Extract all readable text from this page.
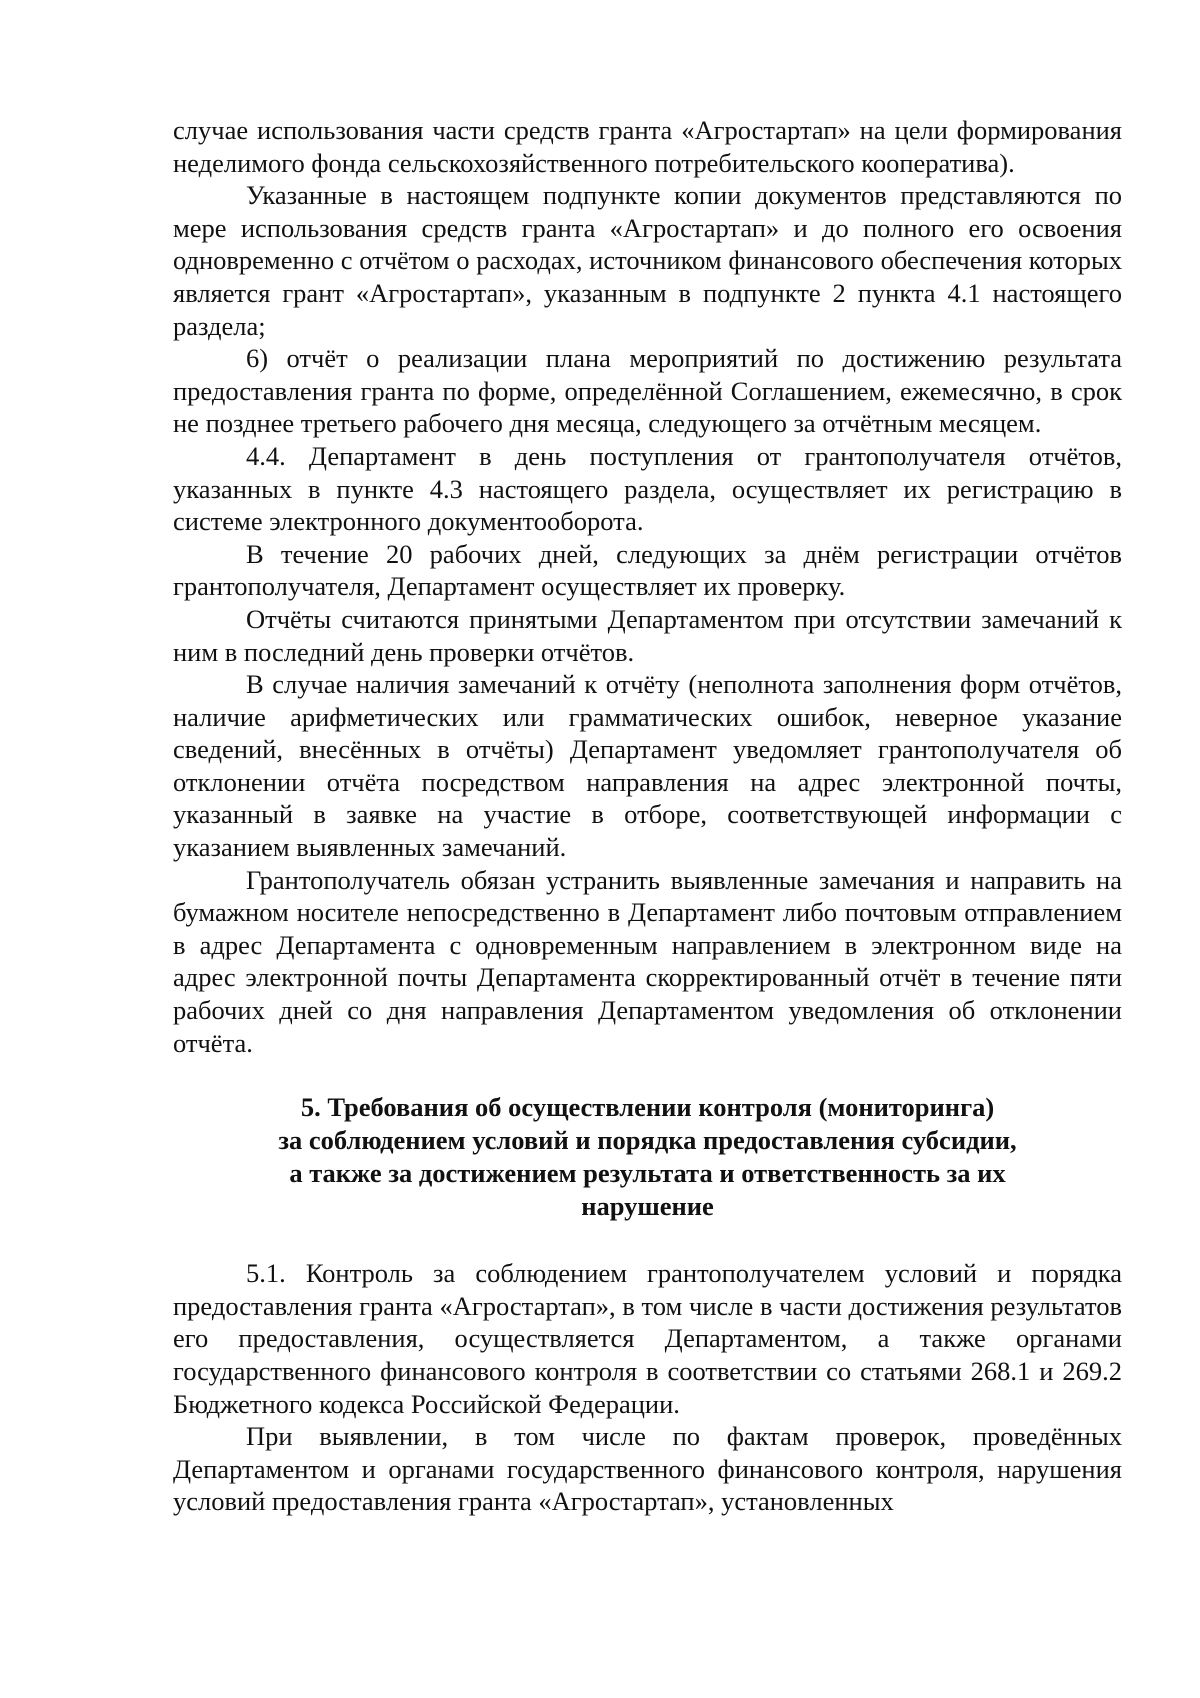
случае использования части средств гранта «Агростартап» на цели формирования неделимого фонда сельскохозяйственного потребительского кооператива).

Указанные в настоящем подпункте копии документов представляются по мере использования средств гранта «Агростартап» и до полного его освоения одновременно с отчётом о расходах, источником финансового обеспечения которых является грант «Агростартап», указанным в подпункте 2 пункта 4.1 настоящего раздела;

6) отчёт о реализации плана мероприятий по достижению результата предоставления гранта по форме, определённой Соглашением, ежемесячно, в срок не позднее третьего рабочего дня месяца, следующего за отчётным месяцем.

4.4. Департамент в день поступления от грантополучателя отчётов, указанных в пункте 4.3 настоящего раздела, осуществляет их регистрацию в системе электронного документооборота.

В течение 20 рабочих дней, следующих за днём регистрации отчётов грантополучателя, Департамент осуществляет их проверку.

Отчёты считаются принятыми Департаментом при отсутствии замечаний к ним в последний день проверки отчётов.

В случае наличия замечаний к отчёту (неполнота заполнения форм отчётов, наличие арифметических или грамматических ошибок, неверное указание сведений, внесённых в отчёты) Департамент уведомляет грантополучателя об отклонении отчёта посредством направления на адрес электронной почты, указанный в заявке на участие в отборе, соответствующей информации с указанием выявленных замечаний.

Грантополучатель обязан устранить выявленные замечания и направить на бумажном носителе непосредственно в Департамент либо почтовым отправлением в адрес Департамента с одновременным направлением в электронном виде на адрес электронной почты Департамента скорректированный отчёт в течение пяти рабочих дней со дня направления Департаментом уведомления об отклонении отчёта.

5. Требования об осуществлении контроля (мониторинга)
за соблюдением условий и порядка предоставления субсидии,
а также за достижением результата и ответственность за их
нарушение

5.1. Контроль за соблюдением грантополучателем условий и порядка предоставления гранта «Агростартап», в том числе в части достижения результатов его предоставления, осуществляется Департаментом, а также органами государственного финансового контроля в соответствии со статьями 268.1 и 269.2 Бюджетного кодекса Российской Федерации.

При выявлении, в том числе по фактам проверок, проведённых Департаментом и органами государственного финансового контроля, нарушения условий предоставления гранта «Агростартап», установленных
